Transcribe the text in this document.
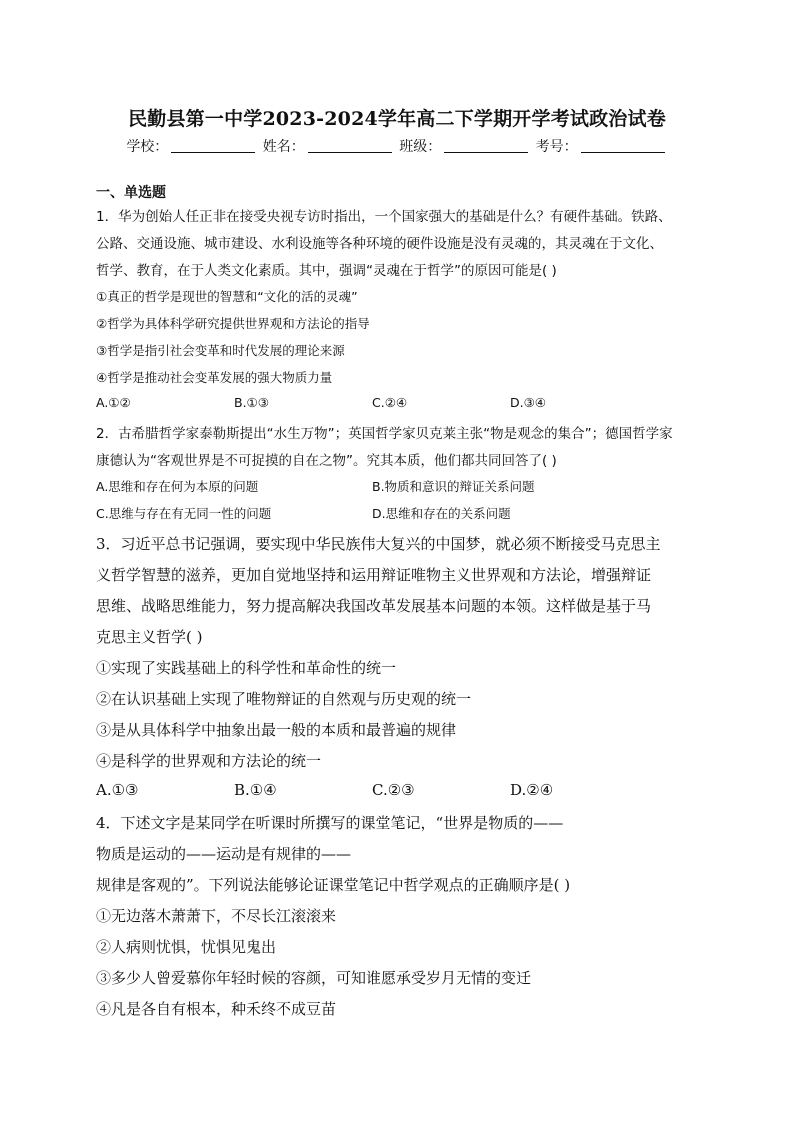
民勤县第一中学2023-2024学年高二下学期开学考试政治试卷
学校：	姓名：	班级：	考号：
一、单选题
1．华为创始人任正非在接受央视专访时指出，一个国家强大的基础是什么？有硬件基础。铁路、
公路、交通设施、城市建设、水利设施等各种环境的硬件设施是没有灵魂的，其灵魂在于文化、
哲学、教育，在于人类文化素质。其中，强调“灵魂在于哲学”的原因可能是( )
①真正的哲学是现世的智慧和“文化的活的灵魂”
②哲学为具体科学研究提供世界观和方法论的指导
③哲学是指引社会变革和时代发展的理论来源
④哲学是推动社会变革发展的强大物质力量
A.①②	B.①③	C.②④	D.③④
2．古希腊哲学家泰勒斯提出“水生万物”；英国哲学家贝克莱主张“物是观念的集合”；德国哲学家
康德认为“客观世界是不可捉摸的自在之物”。究其本质，他们都共同回答了( )
A.思维和存在何为本原的问题	B.物质和意识的辩证关系问题
C.思维与存在有无同一性的问题	D.思维和存在的关系问题
3．习近平总书记强调，要实现中华民族伟大复兴的中国梦，就必须不断接受马克思主
义哲学智慧的滋养，更加自觉地坚持和运用辩证唯物主义世界观和方法论，增强辩证
思维、战略思维能力，努力提高解决我国改革发展基本问题的本领。这样做是基于马
克思主义哲学( )
①实现了实践基础上的科学性和革命性的统一
②在认识基础上实现了唯物辩证的自然观与历史观的统一
③是从具体科学中抽象出最一般的本质和最普遍的规律
④是科学的世界观和方法论的统一
A.①③	B.①④	C.②③	D.②④
4．下述文字是某同学在听课时所撰写的课堂笔记，“世界是物质的——
物质是运动的——运动是有规律的——
规律是客观的”。下列说法能够论证课堂笔记中哲学观点的正确顺序是( )
①无边落木萧萧下，不尽长江滚滚来
②人病则忧惧，忧惧见鬼出
③多少人曾爱慕你年轻时候的容颜，可知谁愿承受岁月无情的变迁
④凡是各自有根本，种禾终不成豆苗
